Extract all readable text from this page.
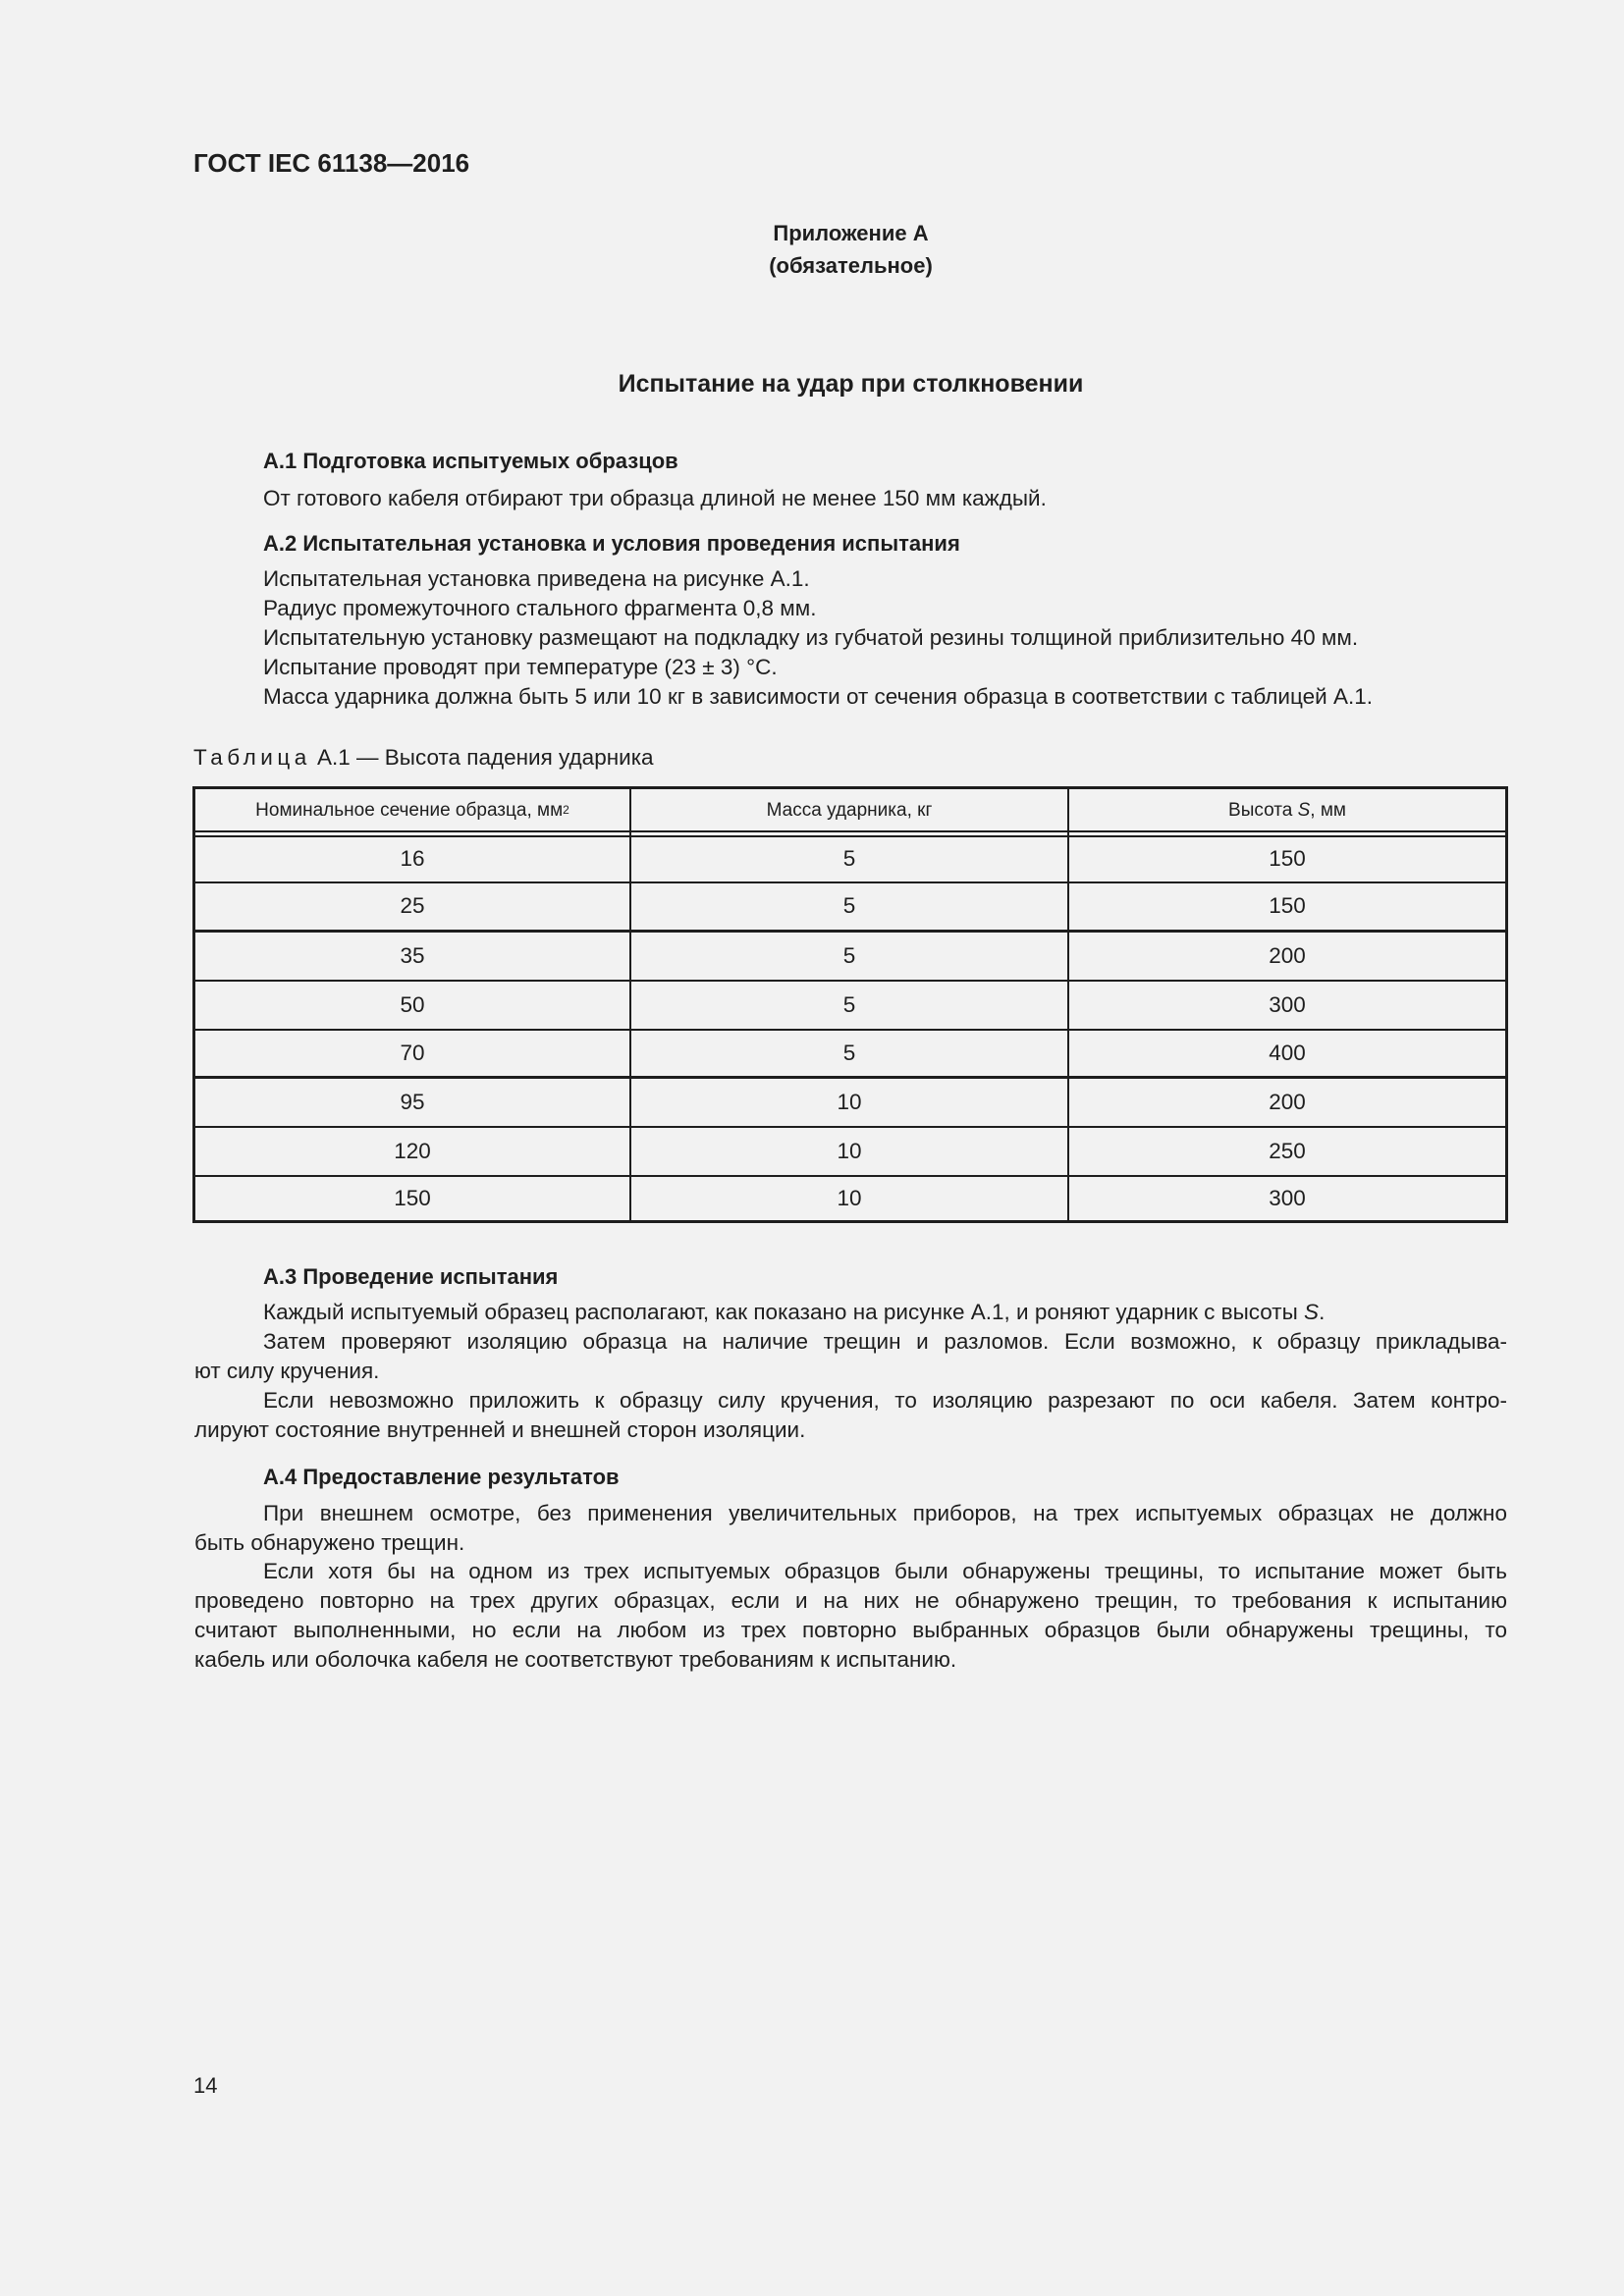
ГОСТ IEC 61138—2016
Приложение А
(обязательное)
Испытание на удар при столкновении
А.1 Подготовка испытуемых образцов
От готового кабеля отбирают три образца длиной не менее 150 мм каждый.
А.2 Испытательная установка и условия проведения испытания
Испытательная установка приведена на рисунке А.1.
Радиус промежуточного стального фрагмента 0,8 мм.
Испытательную установку размещают на подкладку из губчатой резины толщиной приблизительно 40 мм.
Испытание проводят при температуре (23 ± 3) °С.
Масса ударника должна быть 5 или 10 кг в зависимости от сечения образца в соответствии с таблицей А.1.
Таблица А.1 — Высота падения ударника
Номинальное сечение образца, мм 2	Масса ударника, кг	Высота S , мм
16	5	150
25	5	150
35	5	200
50	5	300
70	5	400
95	10	200
120	10	250
150	10	300
А.3 Проведение испытания
Каждый испытуемый образец располагают, как показано на рисунке А.1, и роняют ударник с высоты S.
Затем проверяют изоляцию образца на наличие трещин и разломов. Если возможно, к образцу прикладыва-
ют силу кручения.
Если невозможно приложить к образцу силу кручения, то изоляцию разрезают по оси кабеля. Затем контро-
лируют состояние внутренней и внешней сторон изоляции.
А.4 Предоставление результатов
При внешнем осмотре, без применения увеличительных приборов, на трех испытуемых образцах не должно
быть обнаружено трещин.
Если хотя бы на одном из трех испытуемых образцов были обнаружены трещины, то испытание может быть
проведено повторно на трех других образцах, если и на них не обнаружено трещин, то требования к испытанию
считают выполненными, но если на любом из трех повторно выбранных образцов были обнаружены трещины, то
кабель или оболочка кабеля не соответствуют требованиям к испытанию.
14
